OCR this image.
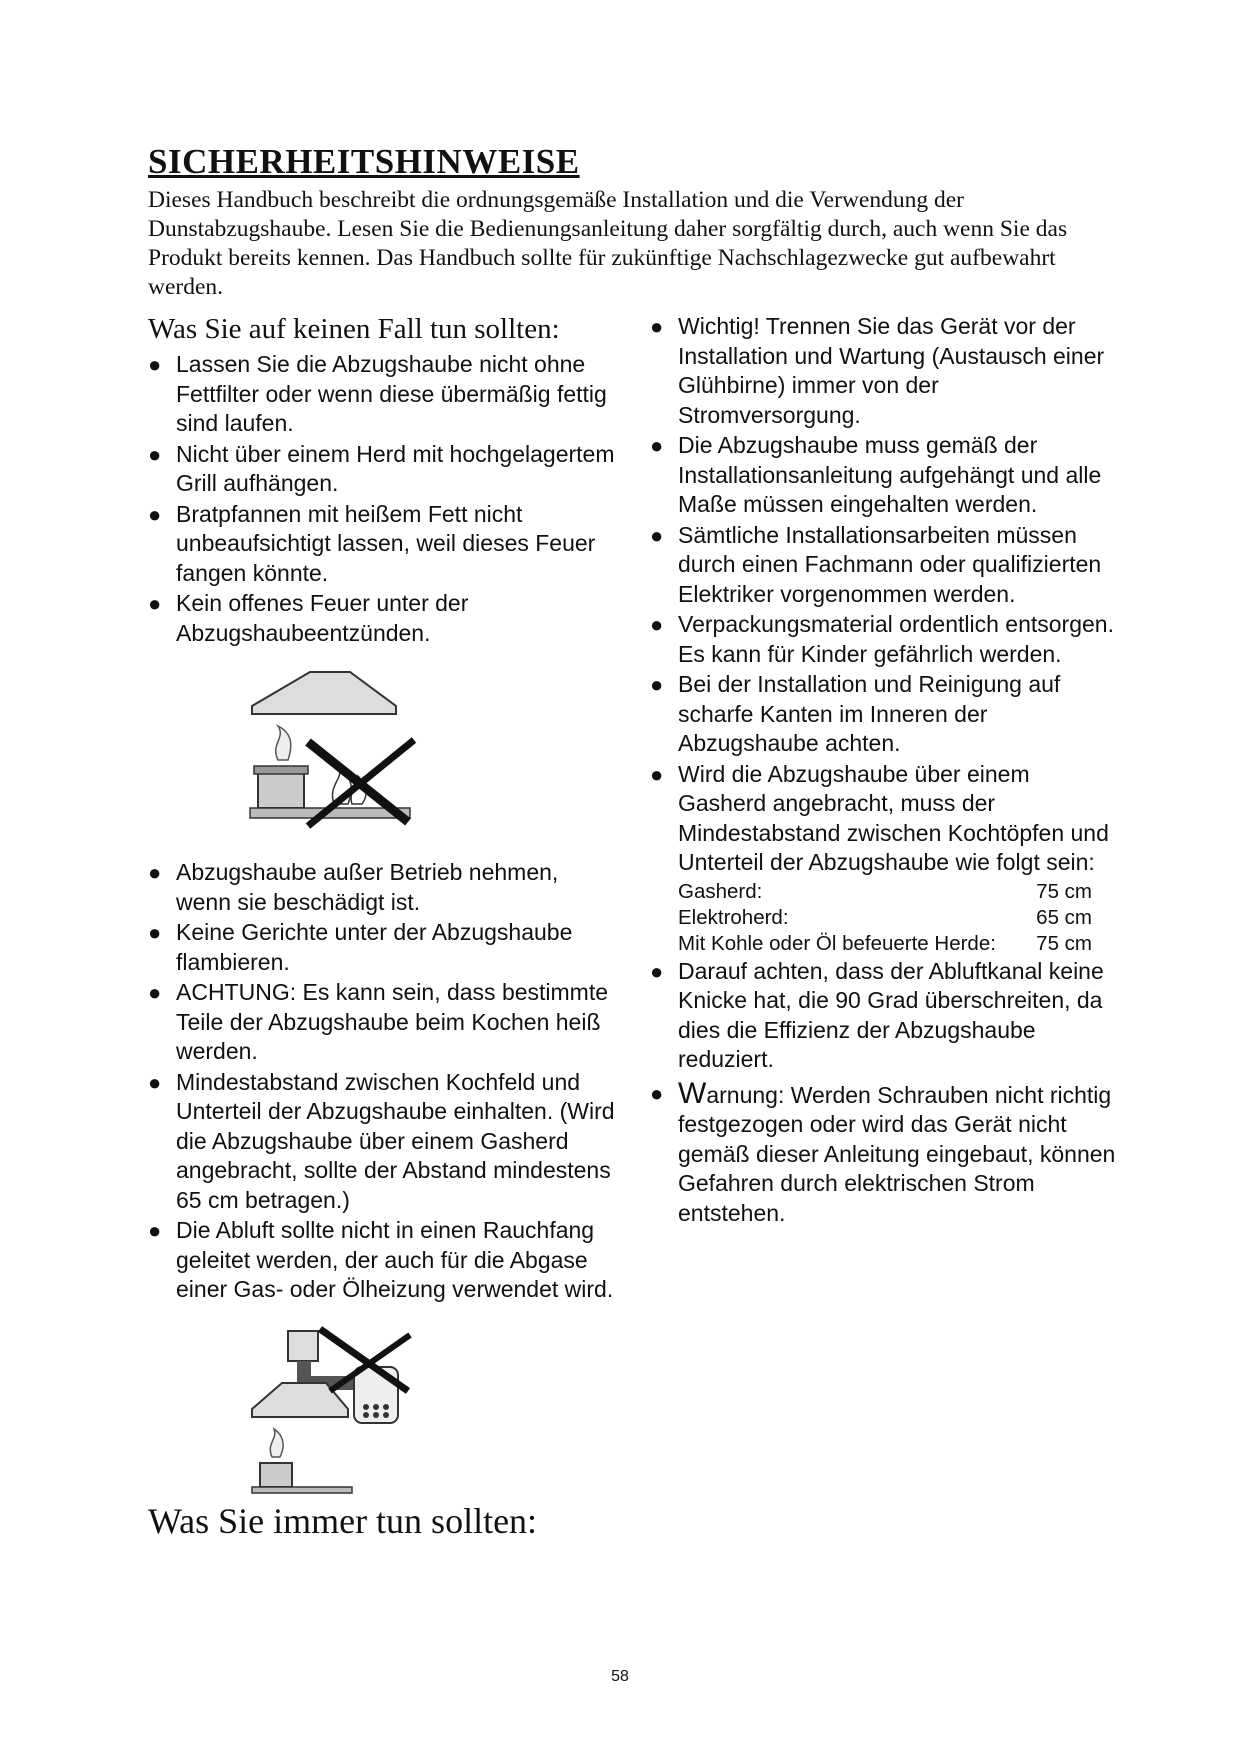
SICHERHEITSHINWEISE

Dieses Handbuch beschreibt die ordnungsgemäße Installation und die Verwendung der Dunstabzugshaube. Lesen Sie die Bedienungsanleitung daher sorgfältig durch, auch wenn Sie das Produkt bereits kennen. Das Handbuch sollte für zukünftige Nachschlagezwecke gut aufbewahrt werden.

Was Sie auf keinen Fall tun sollten:

● Lassen Sie die Abzugshaube nicht ohne Fettfilter oder wenn diese übermäßig fettig sind laufen.
● Nicht über einem Herd mit hochgelagertem Grill aufhängen.
● Bratpfannen mit heißem Fett nicht unbeaufsichtigt lassen, weil dieses Feuer fangen könnte.
● Kein offenes Feuer unter der Abzugshaubeentzünden.
● Abzugshaube außer Betrieb nehmen, wenn sie beschädigt ist.
● Keine Gerichte unter der Abzugshaube flambieren.
● ACHTUNG: Es kann sein, dass bestimmte Teile der Abzugshaube beim Kochen heiß werden.
● Mindestabstand zwischen Kochfeld und Unterteil der Abzugshaube einhalten. (Wird die Abzugshaube über einem Gasherd angebracht, sollte der Abstand mindestens 65 cm betragen.)
● Die Abluft sollte nicht in einen Rauchfang geleitet werden, der auch für die Abgase einer Gas- oder Ölheizung verwendet wird.
● Wichtig! Trennen Sie das Gerät vor der Installation und Wartung (Austausch einer Glühbirne) immer von der Stromversorgung.
● Die Abzugshaube muss gemäß der Installationsanleitung aufgehängt und alle Maße müssen eingehalten werden.
● Sämtliche Installationsarbeiten müssen durch einen Fachmann oder qualifizierten Elektriker vorgenommen werden.
● Verpackungsmaterial ordentlich entsorgen. Es kann für Kinder gefährlich werden.
● Bei der Installation und Reinigung auf scharfe Kanten im Inneren der Abzugshaube achten.
● Wird die Abzugshaube über einem Gasherd angebracht, muss der Mindestabstand zwischen Kochtöpfen und Unterteil der Abzugshaube wie folgt sein:
Gasherd:	75 cm
Elektroherd:	65 cm
Mit Kohle oder Öl befeuerte Herde:	75 cm
● Darauf achten, dass der Abluftkanal keine Knicke hat, die 90 Grad überschreiten, da dies die Effizienz der Abzugshaube reduziert.
● Warnung: Werden Schrauben nicht richtig festgezogen oder wird das Gerät nicht gemäß dieser Anleitung eingebaut, können Gefahren durch elektrischen Strom entstehen.

Was Sie immer tun sollten:

58
